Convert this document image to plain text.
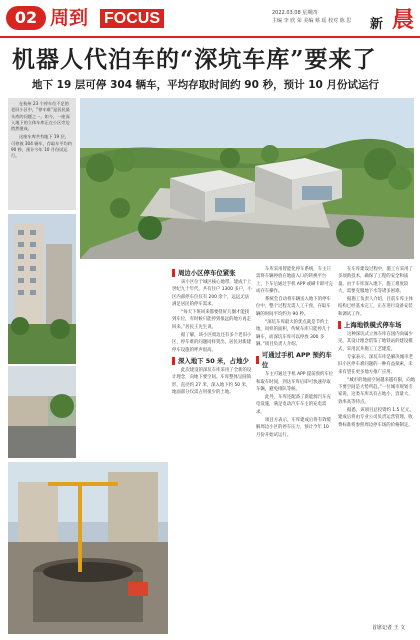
02 周到 FOCUS	2022.03.08 星期四
主编 李 欣 荣 美编 蔡 瑶 校对 陈 思 新 晨
机器人代泊车的“深坑车库”要来了
地下 19 层可停 304 辆车，平均存取时间约 90 秒，预计 10 月份试运行

在杭州 23 个停车位不足的老旧小区中，“停车难”是居民最头疼的问题之一。如今，一座深入地下的立体车库正在小区旁边悄然建成。

这座车库共有地下 19 层，可停放 304 辆车，存取车平均约 90 秒，预计今年 10 月份试运行。

周边小区停车位紧张

该小区位于城区核心地带，建成于上世纪九十年代，共有住户 1300 多户，小区内部停车位仅有 200 余个，远远无法满足居民的停车需求。

“每天下班回来都要绕好几圈才能找到车位，有时候只能停到很远的地方再走回来。”居民王先生说。

据了解，该小区周边还有多个老旧小区，停车难的问题同样突出，居民对新建停车设施的呼声很高。

深入地下 50 米，占地少

此次建设的深坑车库采用了全新的设计理念，向地下要空间。车库整体呈圆筒形，直径约 27 米，深入地下约 50 米，地面部分仅需占用很少的土地。

车库采用智能化停车系统，车主只需将车辆停放在地面入口的转换平台上，下车后通过手机 APP 或刷卡即可完成存车操作。

系统会自动将车辆送入地下的停车位中，整个过程无需人工干预，存取车辆的时间平均约为 90 秒。

“深坑车库最大的优点就是节约土地，同样的面积，传统车库只能停几十辆车，而深坑车库可以停放 300 多辆。”项目负责人介绍。

可通过手机 APP 预约车位

车主可通过手机 APP 提前预约车位和取车时间，到达车库后即可快速存取车辆，避免排队等候。

此外，车库还配备了新能源汽车充电设施，满足电动汽车车主的充电需求。

项目方表示，车库建成后将有效缓解周边小区的停车压力，预计今年 10 月份开始试运行。

在车库建设过程中，施工方采用了多项新技术，确保了工程的安全和质量。由于车库深入地下，施工难度较大，需要克服地下水等诸多困难。

据施工负责人介绍，目前车库主体结构已经基本完工，正在进行设备安装和调试工作。

上海地铁模式停车场

这种深坑式立体车库在国内尚属少见，其设计理念借鉴了地铁站的建设模式，采用沉井施工工艺建造。

专家表示，深坑车库是解决城市老旧小区停车难问题的一种有益探索，未来有望在更多地方推广应用。

“城市的地面空间越来越有限，向地下要空间是大势所趋。”一位城市规划专家说，这类车库具有占地小、容量大、效率高等特点。

据悉，该项目总投资约 1.5 亿元，建成后将由专业公司负责运营管理，收费标准将参照周边停车场的价格制定。

首席记者 王 文
